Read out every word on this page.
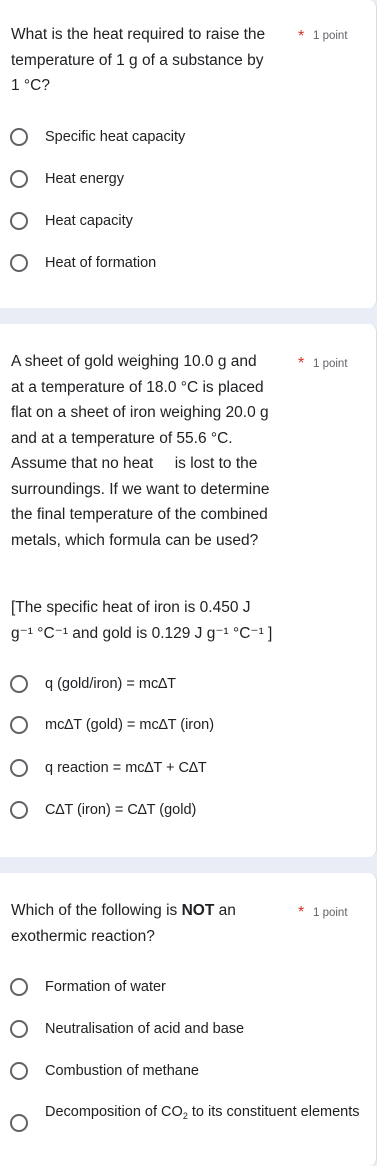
What is the heat required to raise the
temperature of 1 g of a substance by
1 °C?
* 1 point
Specific heat capacity
Heat energy
Heat capacity
Heat of formation
A sheet of gold weighing 10.0 g and
at a temperature of 18.0 °C is placed
flat on a sheet of iron weighing 20.0 g
and at a temperature of 55.6 °C.
Assume that no heat     is lost to the
surroundings. If we want to determine
the final temperature of the combined
metals, which formula can be used?
[The specific heat of iron is 0.450 J
g⁻¹ °C⁻¹ and gold is 0.129 J g⁻¹ °C⁻¹ ]
* 1 point
q (gold/iron) = mc∆T
mc∆T (gold) = mc∆T (iron)
q reaction = mc∆T + C∆T
C∆T (iron) = C∆T (gold)
Which of the following is NOT an
exothermic reaction?
* 1 point
Formation of water
Neutralisation of acid and base
Combustion of methane
Decomposition of $CO_2$ to its constituent elements
